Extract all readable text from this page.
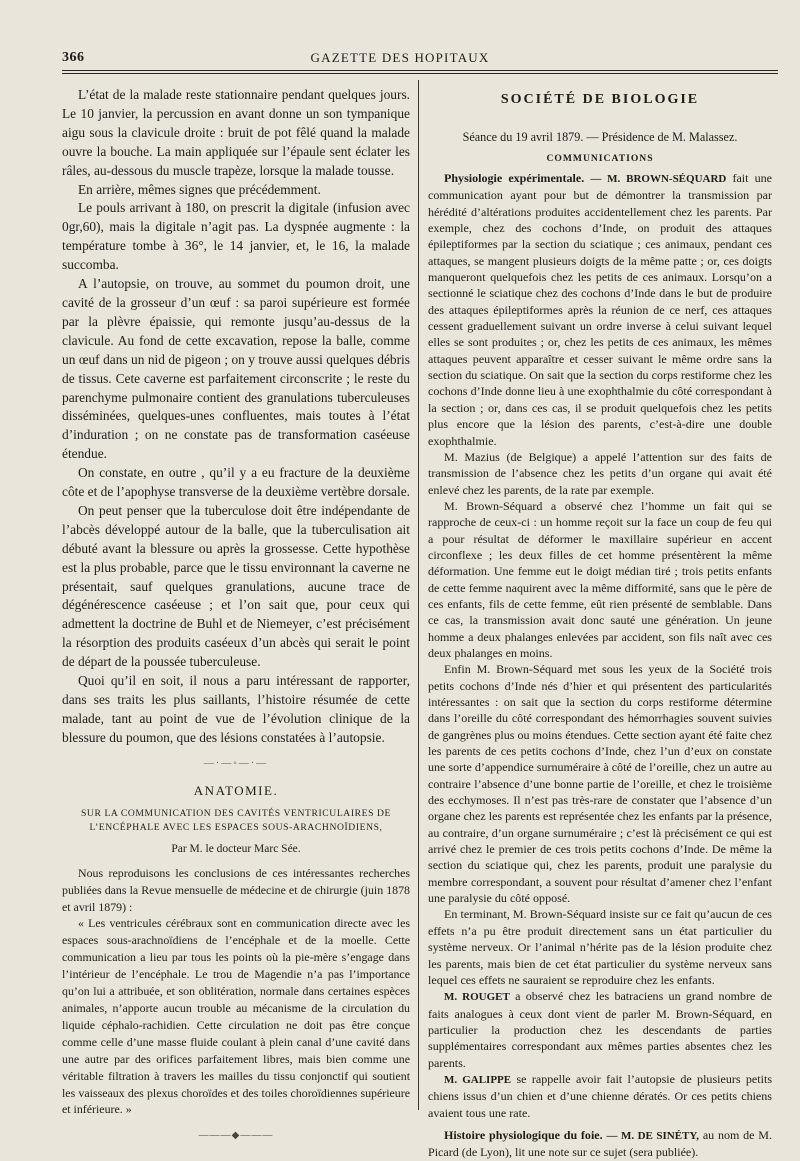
366	GAZETTE DES HOPITAUX

L’état de la malade reste stationnaire pendant quelques jours. Le 10 janvier, la percussion en avant donne un son tympanique aigu sous la clavicule droite : bruit de pot fêlé quand la malade ouvre la bouche. La main appliquée sur l’épaule sent éclater les râles, au-dessous du muscle trapèze, lorsque la malade tousse.

En arrière, mêmes signes que précédemment.

Le pouls arrivant à 180, on prescrit la digitale (infusion avec 0gr,60), mais la digitale n’agit pas. La dyspnée augmente : la température tombe à 36°, le 14 janvier, et, le 16, la malade succomba.

A l’autopsie, on trouve, au sommet du poumon droit, une cavité de la grosseur d’un œuf : sa paroi supérieure est formée par la plèvre épaissie, qui remonte jusqu’au-dessus de la clavicule. Au fond de cette excavation, repose la balle, comme un œuf dans un nid de pigeon ; on y trouve aussi quelques débris de tissus. Cete caverne est parfaitement circonscrite ; le reste du parenchyme pulmonaire contient des granulations tuberculeuses disséminées, quelques-unes confluentes, mais toutes à l’état d’induration ; on ne constate pas de transformation caséeuse étendue.

On constate, en outre , qu’il y a eu fracture de la deuxième côte et de l’apophyse transverse de la deuxième vertèbre dorsale.

On peut penser que la tuberculose doit être indépendante de l’abcès développé autour de la balle, que la tuberculisation ait débuté avant la blessure ou après la grossesse. Cette hypothèse est la plus probable, parce que le tissu environnant la caverne ne présentait, sauf quelques granulations, aucune trace de dégénérescence caséeuse ; et l’on sait que, pour ceux qui admettent la doctrine de Buhl et de Niemeyer, c’est précisément la résorption des produits caséeux d’un abcès qui serait le point de départ de la poussée tuberculeuse.

Quoi qu’il en soit, il nous a paru intéressant de rapporter, dans ses traits les plus saillants, l’histoire résumée de cette malade, tant au point de vue de l’évolution clinique de la blessure du poumon, que des lésions constatées à l’autopsie.

—·—◦—·—
ANATOMIE.
SUR LA COMMUNICATION DES CAVITÉS VENTRICULAIRES DE L’ENCÉPHALE AVEC LES ESPACES SOUS-ARACHNOÏDIENS,
Par M. le docteur Marc Sée.

Nous reproduisons les conclusions de ces intéressantes recherches publiées dans la Revue mensuelle de médecine et de chirurgie (juin 1878 et avril 1879) :

« Les ventricules cérébraux sont en communication directe avec les espaces sous-arachnoïdiens de l’encéphale et de la moelle. Cette communication a lieu par tous les points où la pie-mère s’engage dans l’intérieur de l’encéphale. Le trou de Magendie n’a pas l’importance qu’on lui a attribuée, et son oblitération, normale dans certaines espèces animales, n’apporte aucun trouble au mécanisme de la circulation du liquide céphalo-rachidien. Cette circulation ne doit pas être conçue comme celle d’une masse fluide coulant à plein canal d’une cavité dans une autre par des orifices parfaitement libres, mais bien comme une véritable filtration à travers les mailles du tissu conjonctif qui soutient les vaisseaux des plexus choroïdes et des toiles choroïdiennes supérieure et inférieure. »

———◆———
SOCIÉTÉ DE BIOLOGIE
Séance du 19 avril 1879. — Présidence de M. Malassez.
COMMUNICATIONS

Physiologie expérimentale. — M. BROWN-SÉQUARD fait une communication ayant pour but de démontrer la transmission par hérédité d’altérations produites accidentellement chez les parents. Par exemple, chez des cochons d’Inde, on produit des attaques épileptiformes par la section du sciatique ; ces animaux, pendant ces attaques, se mangent plusieurs doigts de la même patte ; or, ces doigts manqueront quelquefois chez les petits de ces animaux. Lorsqu’on a sectionné le sciatique chez des cochons d’Inde dans le but de produire des attaques épileptiformes après la réunion de ce nerf, ces attaques cessent graduellement suivant un ordre inverse à celui suivant lequel elles se sont produites ; or, chez les petits de ces animaux, les mêmes attaques peuvent apparaître et cesser suivant le même ordre sans la section du sciatique. On sait que la section du corps restiforme chez les cochons d’Inde donne lieu à une exophthalmie du côté correspondant à la section ; or, dans ces cas, il se produit quelquefois chez les petits plus encore que la lésion des parents, c’est-à-dire une double exophthalmie.

M. Mazius (de Belgique) a appelé l’attention sur des faits de transmission de l’absence chez les petits d’un organe qui avait été enlevé chez les parents, de la rate par exemple.

M. Brown-Séquard a observé chez l’homme un fait qui se rapproche de ceux-ci : un homme reçoit sur la face un coup de feu qui a pour résultat de déformer le maxillaire supérieur en accent circonflexe ; les deux filles de cet homme présentèrent la même déformation. Une femme eut le doigt médian tiré ; trois petits enfants de cette femme naquirent avec la même difformité, sans que le père de ces enfants, fils de cette femme, eût rien présenté de semblable. Dans ce cas, la transmission avait donc sauté une génération. Un jeune homme a deux phalanges enlevées par accident, son fils naît avec ces deux phalanges en moins.

Enfin M. Brown-Séquard met sous les yeux de la Société trois petits cochons d’Inde nés d’hier et qui présentent des particularités intéressantes : on sait que la section du corps restiforme détermine dans l’oreille du côté correspondant des hémorrhagies souvent suivies de gangrènes plus ou moins étendues. Cette section ayant été faite chez les parents de ces petits cochons d’Inde, chez l’un d’eux on constate une sorte d’appendice surnuméraire à côté de l’oreille, chez un autre au contraire l’absence d’une bonne partie de l’oreille, et chez le troisième des ecchymoses. Il n’est pas très-rare de constater que l’absence d’un organe chez les parents est représentée chez les enfants par la présence, au contraire, d’un organe surnuméraire ; c’est là précisément ce qui est arrivé chez le premier de ces trois petits cochons d’Inde. De même la section du sciatique qui, chez les parents, produit une paralysie du membre correspondant, a souvent pour résultat d’amener chez l’enfant une paralysie du côté opposé.

En terminant, M. Brown-Séquard insiste sur ce fait qu’aucun de ces effets n’a pu être produit directement sans un état particulier du système nerveux. Or l’animal n’hérite pas de la lésion produite chez les parents, mais bien de cet état particulier du système nerveux sans lequel ces effets ne sauraient se reproduire chez les enfants.

M. ROUGET a observé chez les batraciens un grand nombre de faits analogues à ceux dont vient de parler M. Brown-Séquard, en particulier la production chez les descendants de parties supplémentaires correspondant aux mêmes parties absentes chez les parents.

M. GALIPPE se rappelle avoir fait l’autopsie de plusieurs petits chiens issus d’un chien et d’une chienne dératés. Or ces petits chiens avaient tous une rate.

Histoire physiologique du foie. — M. DE SINÉTY, au nom de M. Picard (de Lyon), lit une note sur ce sujet (sera publiée).
